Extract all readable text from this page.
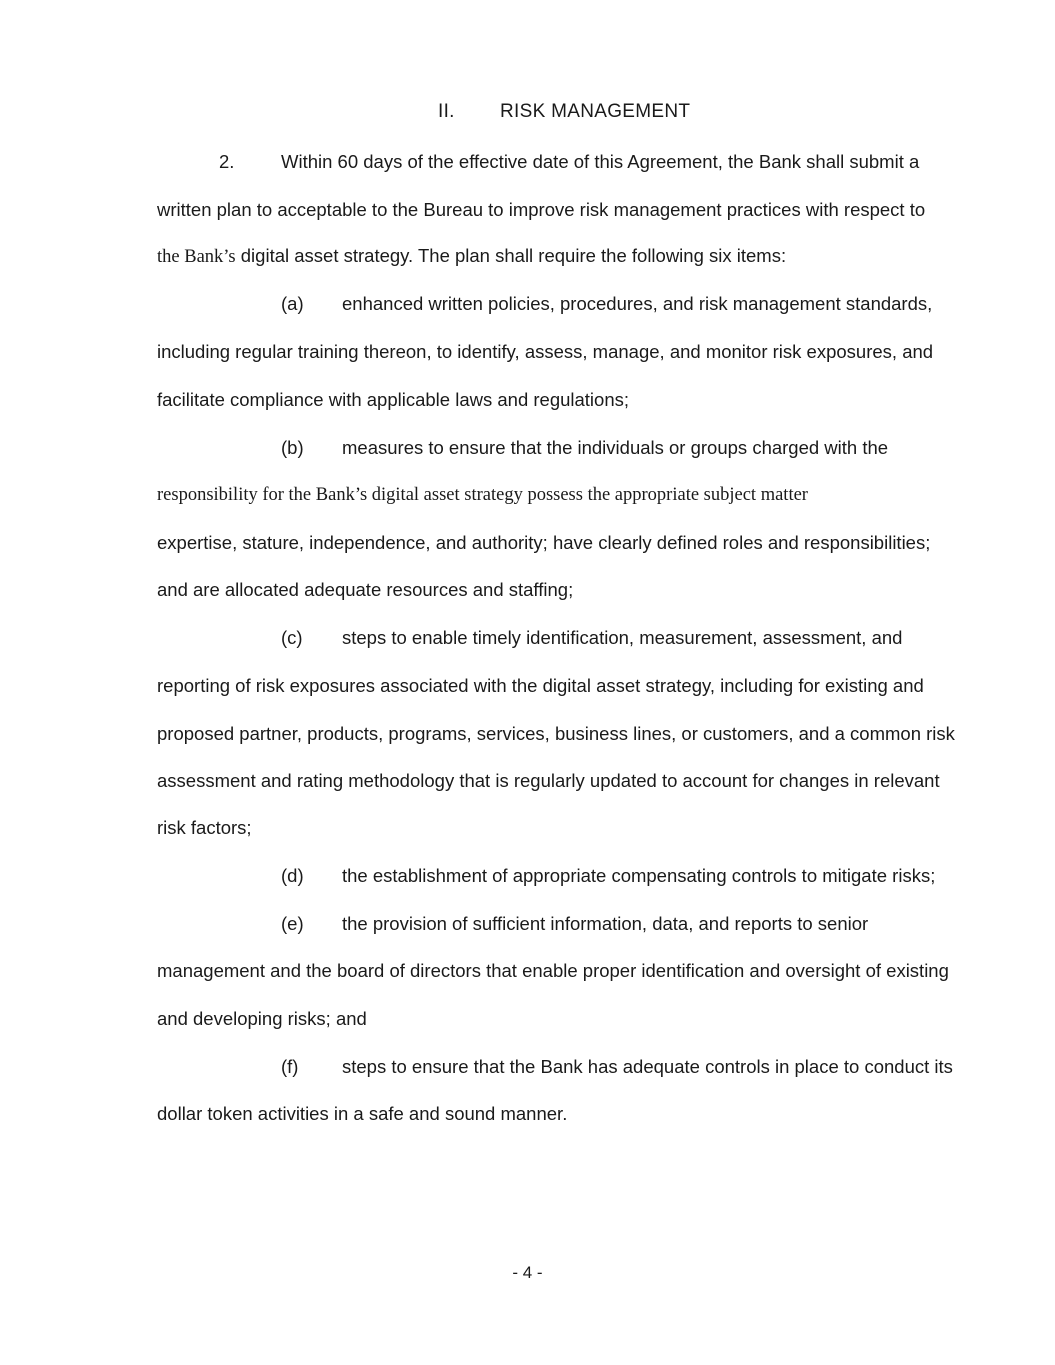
II. RISK MANAGEMENT
2.	Within 60 days of the effective date of this Agreement, the Bank shall submit a
written plan to acceptable to the Bureau to improve risk management practices with respect to
the Bank’s digital asset strategy. The plan shall require the following six items:
(a) enhanced written policies, procedures, and risk management standards,
including regular training thereon, to identify, assess, manage, and monitor risk exposures, and
facilitate compliance with applicable laws and regulations;
(b) measures to ensure that the individuals or groups charged with the
responsibility for the Bank’s digital asset strategy possess the appropriate subject matter
expertise, stature, independence, and authority; have clearly defined roles and responsibilities;
and are allocated adequate resources and staffing;
(c) steps to enable timely identification, measurement, assessment, and
reporting of risk exposures associated with the digital asset strategy, including for existing and
proposed partner, products, programs, services, business lines, or customers, and a common risk
assessment and rating methodology that is regularly updated to account for changes in relevant
risk factors;
(d) the establishment of appropriate compensating controls to mitigate risks;
(e) the provision of sufficient information, data, and reports to senior
management and the board of directors that enable proper identification and oversight of existing
and developing risks; and
(f) steps to ensure that the Bank has adequate controls in place to conduct its
dollar token activities in a safe and sound manner.
- 4 -
